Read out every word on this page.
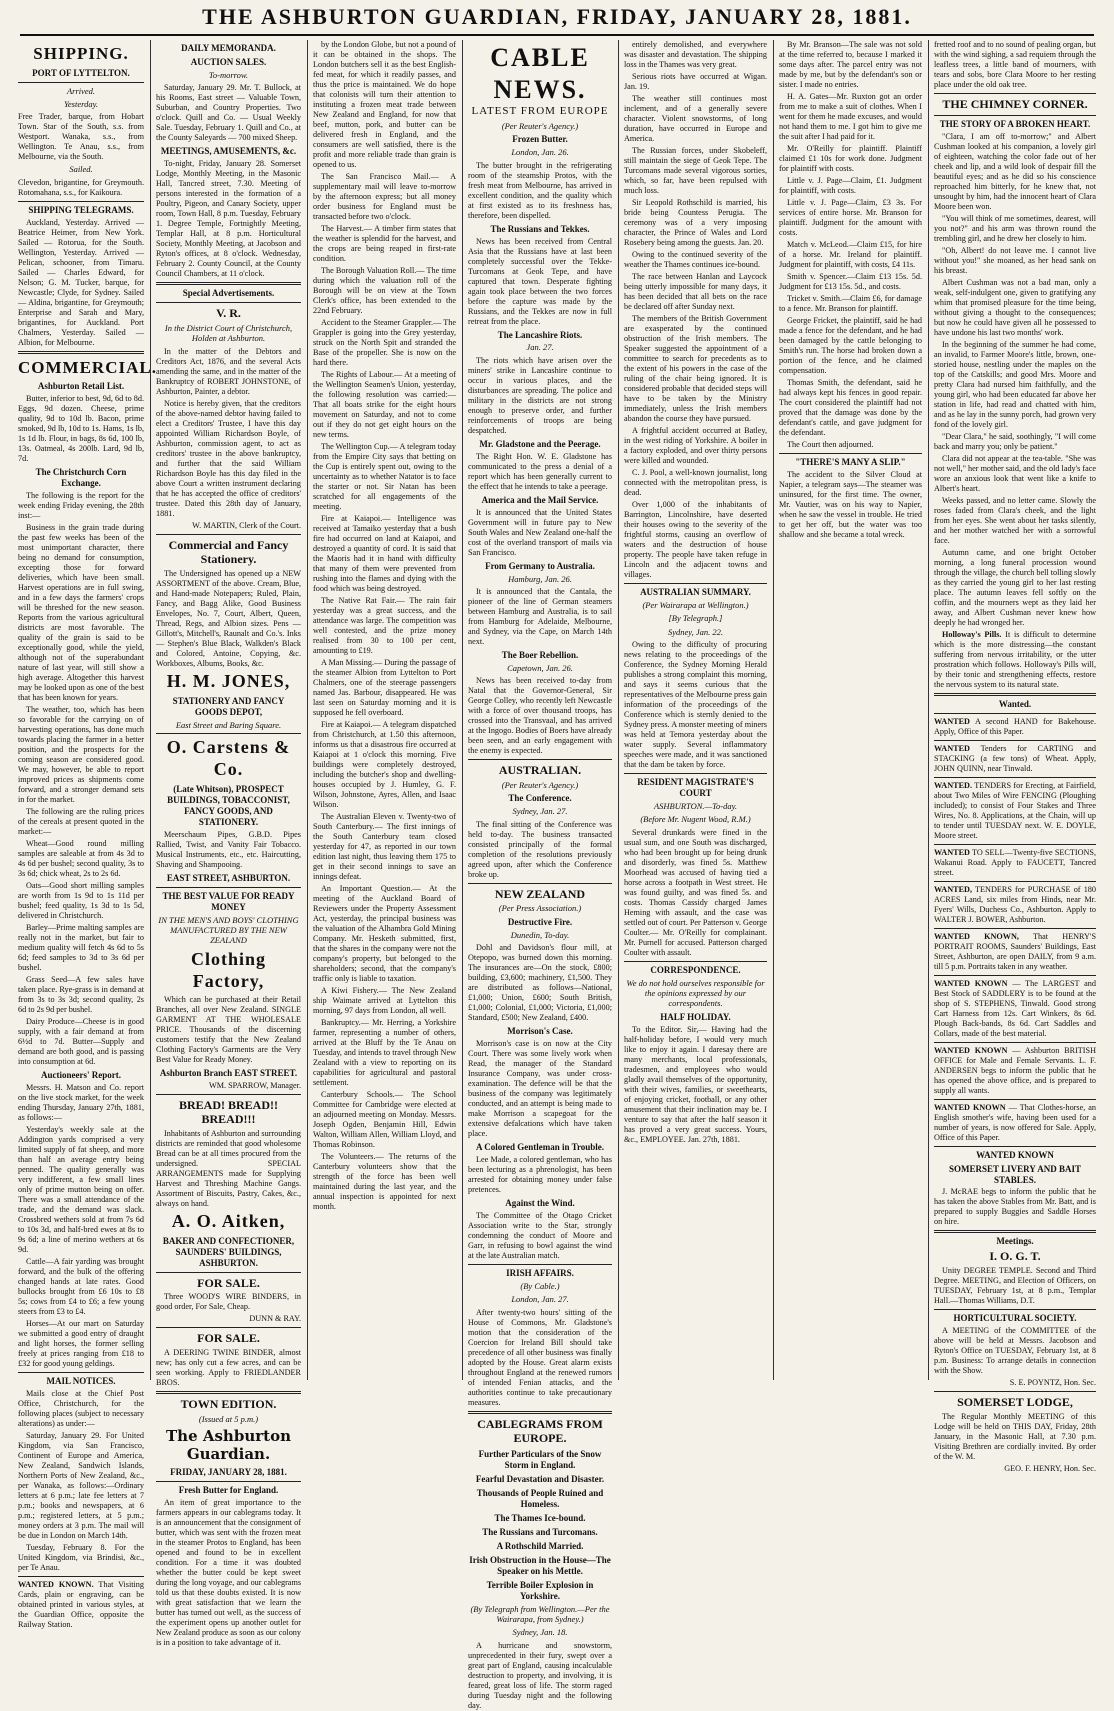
THE ASHBURTON GUARDIAN, FRIDAY, JANUARY 28, 1881.
SHIPPING.
PORT OF LYTTELTON.
Arrived.
Yesterday.

Free Trader, barque, from Hobart Town. Star of the South, s.s. from Westport. Wanaka, s.s., from Wellington. Te Anau, s.s., from Melbourne, via the South.

Sailed.

Clevedon, brigantine, for Greymouth. Rotomahana, s.s., for Kaikoura.

SHIPPING TELEGRAMS.

Auckland, Yesterday. Arrived — Beatrice Heimer, from New York. Sailed — Rotorua, for the South. Wellington, Yesterday. Arrived — Pelican, schooner, from Timaru. Sailed — Charles Edward, for Nelson; G. M. Tucker, barque, for Newcastle; Clyde, for Sydney. Sailed — Aldina, brigantine, for Greymouth; Enterprise and Sarah and Mary, brigantines, for Auckland. Port Chalmers, Yesterday. Sailed — Albion, for Melbourne.

COMMERCIAL.
Ashburton Retail List.

Butter, inferior to best, 9d, 6d to 8d. Eggs, 9d dozen. Cheese, prime quality, 9d to 10d lb. Bacon, prime smoked, 9d lb, 10d to 1s. Hams, 1s lb, 1s 1d lb. Flour, in bags, 8s 6d, 100 lb, 13s. Oatmeal, 4s 200lb. Lard, 9d lb, 7d.

The Christchurch Corn Exchange.

The following is the report for the week ending Friday evening, the 28th inst:—

Business in the grain trade during the past few weeks has been of the most unimportant character, there being no demand for consumption, excepting those for forward deliveries, which have been small. Harvest operations are in full swing, and in a few days the farmers' crops will be threshed for the new season. Reports from the various agricultural districts are most favorable. The quality of the grain is said to be exceptionally good, while the yield, although not of the superabundant nature of last year, will still show a high average. Altogether this harvest may be looked upon as one of the best that has been known for years.

The weather, too, which has been so favorable for the carrying on of harvesting operations, has done much towards placing the farmer in a better position, and the prospects for the coming season are considered good. We may, however, be able to report improved prices as shipments come forward, and a stronger demand sets in for the market.

The following are the ruling prices of the cereals at present quoted in the market:—

Wheat—Good round milling samples are saleable at from 4s 3d to 4s 6d per bushel; second quality, 3s to 3s 6d; chick wheat, 2s to 2s 6d.

Oats—Good short milling samples are worth from 1s 9d to 1s 11d per bushel; feed quality, 1s 3d to 1s 5d, delivered in Christchurch.

Barley—Prime malting samples are really not in the market, but fair to medium quality will fetch 4s 6d to 5s 6d; feed samples to 3d to 3s 6d per bushel.

Grass Seed—A few sales have taken place. Rye-grass is in demand at from 3s to 3s 3d; second quality, 2s 6d to 2s 9d per bushel.

Dairy Produce—Cheese is in good supply, with a fair demand at from 6½d to 7d. Butter—Supply and demand are both good, and is passing into consumption at 6d.

Auctioneers' Report.

Messrs. H. Matson and Co. report on the live stock market, for the week ending Thursday, January 27th, 1881, as follows:—

Yesterday's weekly sale at the Addington yards comprised a very limited supply of fat sheep, and more than half an average entry being penned. The quality generally was very indifferent, a few small lines only of prime mutton being on offer. There was a small attendance of the trade, and the demand was slack. Crossbred wethers sold at from 7s 6d to 10s 3d, and half-bred ewes at 8s to 9s 6d; a line of merino wethers at 6s 9d.

Cattle—A fair yarding was brought forward, and the bulk of the offering changed hands at late rates. Good bullocks brought from £6 10s to £8 5s; cows from £4 to £6; a few young steers from £3 to £4.

Horses—At our mart on Saturday we submitted a good entry of draught and light horses, the former selling freely at prices ranging from £18 to £32 for good young geldings.

MAIL NOTICES.

Mails close at the Chief Post Office, Christchurch, for the following places (subject to necessary alterations) as under:—

Saturday, January 29. For United Kingdom, via San Francisco, Continent of Europe and America, New Zealand, Sandwich Islands, Northern Ports of New Zealand, &c., per Wanaka, as follows:—Ordinary letters at 6 p.m.; late fee letters at 7 p.m.; books and newspapers, at 6 p.m.; registered letters, at 5 p.m.; money orders at 3 p.m. The mail will be due in London on March 14th.

Tuesday, February 8. For the United Kingdom, via Brindisi, &c., per Te Anau.

WANTED KNOWN. That Visiting Cards, plain or engraving, can be obtained printed in various styles, at the Guardian Office, opposite the Railway Station.

DAILY MEMORANDA.
AUCTION SALES.
To-morrow.

Saturday, January 29. Mr. T. Bullock, at his Rooms, East street — Valuable Town, Suburban, and Country Properties. Two o'clock. Quill and Co. — Usual Weekly Sale. Tuesday, February 1. Quill and Co., at the County Saleyards — 700 mixed Sheep.

MEETINGS, AMUSEMENTS, &c.

To-night, Friday, January 28. Somerset Lodge, Monthly Meeting, in the Masonic Hall, Tancred street, 7.30. Meeting of persons interested in the formation of a Poultry, Pigeon, and Canary Society, upper room, Town Hall, 8 p.m. Tuesday, February 1. Degree Temple, Fortnightly Meeting, Templar Hall, at 8 p.m. Horticultural Society, Monthly Meeting, at Jacobson and Ryton's offices, at 8 o'clock. Wednesday, February 2. County Council, at the County Council Chambers, at 11 o'clock.

Special Advertisements.
V. R.
In the District Court of Christchurch, Holden at Ashburton.

In the matter of the Debtors and Creditors Act, 1876, and the several Acts amending the same, and in the matter of the Bankruptcy of ROBERT JOHNSTONE, of Ashburton, Painter, a debtor.

Notice is hereby given, that the creditors of the above-named debtor having failed to elect a Creditors' Trustee, I have this day appointed William Richardson Boyle, of Ashburton, commission agent, to act as creditors' trustee in the above bankruptcy, and further that the said William Richardson Boyle has this day filed in the above Court a written instrument declaring that he has accepted the office of creditors' trustee. Dated this 28th day of January, 1881.

W. MARTIN, Clerk of the Court.

Commercial and Fancy Stationery.

The Undersigned has opened up a NEW ASSORTMENT of the above. Cream, Blue, and Hand-made Notepapers; Ruled, Plain, Fancy, and Bagg Alike, Good Business Envelopes, No. 7, Court, Albert, Queen, Thread, Regs, and Albion sizes. Pens — Gillott's, Mitchell's, Raunalt and Co.'s. Inks — Stephen's Blue Black, Walkden's Black and Colored, Antoine, Copying, &c. Workboxes, Albums, Books, &c.

H. M. JONES,
STATIONERY AND FANCY GOODS DEPOT,
East Street and Baring Square.
O. Carstens & Co.
(Late Whitson), PROSPECT BUILDINGS, TOBACCONIST, FANCY GOODS, AND STATIONERY.

Meerschaum Pipes, G.B.D. Pipes Rallied, Twist, and Vanity Fair Tobacco. Musical Instruments, etc., etc. Haircutting, Shaving and Shampooing.

EAST STREET, ASHBURTON.
THE BEST VALUE FOR READY MONEY
IN THE MEN'S AND BOYS' CLOTHING MANUFACTURED BY THE NEW ZEALAND
Clothing Factory,

Which can be purchased at their Retail Branches, all over New Zealand. SINGLE GARMENT AT THE WHOLESALE PRICE. Thousands of the discerning customers testify that the New Zealand Clothing Factory's Garments are the Very Best Value for Ready Money.

Ashburton Branch EAST STREET.

WM. SPARROW, Manager.

BREAD! BREAD!! BREAD!!!

Inhabitants of Ashburton and surrounding districts are reminded that good wholesome Bread can be at all times procured from the undersigned. SPECIAL ARRANGEMENTS made for Supplying Harvest and Threshing Machine Gangs. Assortment of Biscuits, Pastry, Cakes, &c., always on hand.

A. O. Aitken,
BAKER AND CONFECTIONER, SAUNDERS' BUILDINGS, ASHBURTON.
FOR SALE.

Three WOOD'S WIRE BINDERS, in good order, For Sale, Cheap.

DUNN & RAY.

FOR SALE.

A DEERING TWINE BINDER, almost new; has only cut a few acres, and can be seen working. Apply to FRIEDLANDER BROS.

TOWN EDITION.
(Issued at 5 p.m.)
The Ashburton Guardian.
FRIDAY, JANUARY 28, 1881.
Fresh Butter for England.

An item of great importance to the farmers appears in our cablegrams today. It is an announcement that the consignment of butter, which was sent with the frozen meat in the steamer Protos to England, has been opened and found to be in excellent condition. For a time it was doubted whether the butter could be kept sweet during the long voyage, and our cablegrams told us that these doubts existed. It is now with great satisfaction that we learn the butter has turned out well, as the success of the experiment opens up another outlet for New Zealand produce as soon as our colony is in a position to take advantage of it.

by the London Globe, but not a pound of it can be obtained in the shops. The London butchers sell it as the best English-fed meat, for which it readily passes, and thus the price is maintained. We do hope that colonists will turn their attention to instituting a frozen meat trade between New Zealand and England, for now that beef, mutton, pork, and butter can be delivered fresh in England, and the consumers are well satisfied, there is the profit and more reliable trade than grain is opened to us.

The San Francisco Mail.— A supplementary mail will leave to-morrow by the afternoon express; but all money order business for England must be transacted before two o'clock.

The Harvest.— A timber firm states that the weather is splendid for the harvest, and the crops are being reaped in first-rate condition.

The Borough Valuation Roll.— The time during which the valuation roll of the Borough will be on view at the Town Clerk's office, has been extended to the 22nd February.

Accident to the Steamer Grappler.— The Grappler is going into the Grey yesterday, struck on the North Spit and stranded the Base of the propeller. She is now on the hard there.

The Rights of Labour.— At a meeting of the Wellington Seamen's Union, yesterday, the following resolution was carried:— That all boats strike for the eight hours movement on Saturday, and not to come out if they do not get eight hours on the new terms.

The Wellington Cup.— A telegram today from the Empire City says that betting on the Cup is entirely spent out, owing to the uncertainty as to whether Natator is to face the starter or not. Sir Natan has been scratched for all engagements of the meeting.

Fire at Kaiapoi.— Intelligence was received at Tamaiko yesterday that a bush fire had occurred on land at Kaiapoi, and destroyed a quantity of cord. It is said that the Maoris had it in hand with difficulty that many of them were prevented from rushing into the flames and dying with the food which was being destroyed.

The Native Rat Fair.— The rain fair yesterday was a great success, and the attendance was large. The competition was well contested, and the prize money realised from 30 to 100 per cent, amounting to £19.

A Man Missing.— During the passage of the steamer Albion from Lyttelton to Port Chalmers, one of the steerage passengers named Jas. Barbour, disappeared. He was last seen on Saturday morning and it is supposed he fell overboard.

Fire at Kaiapoi.— A telegram dispatched from Christchurch, at 1.50 this afternoon, informs us that a disastrous fire occurred at Kaiapoi at 1 o'clock this morning. Five buildings were completely destroyed, including the butcher's shop and dwelling-houses occupied by J. Humley, G. F. Wilson, Johnstone, Ayres, Allen, and Isaac Wilson.

The Australian Eleven v. Twenty-two of South Canterbury.— The first innings of the South Canterbury team closed yesterday for 47, as reported in our town edition last night, thus leaving them 175 to get in their second innings to save an innings defeat.

An Important Question.— At the meeting of the Auckland Board of Reviewers under the Property Assessment Act, yesterday, the principal business was the valuation of the Alhambra Gold Mining Company. Mr. Hesketh submitted, first, that the shares in the company were not the company's property, but belonged to the shareholders; second, that the company's traffic only is liable to taxation.

A Kiwi Fishery.— The New Zealand ship Waimate arrived at Lyttelton this morning, 97 days from London, all well.

Bankruptcy.— Mr. Herring, a Yorkshire farmer, representing a number of others, arrived at the Bluff by the Te Anau on Tuesday, and intends to travel through New Zealand with a view to reporting on its capabilities for agricultural and pastoral settlement.

Canterbury Schools.— The School Committee for Cambridge were elected at an adjourned meeting on Monday. Messrs. Joseph Ogden, Benjamin Hill, Edwin Walton, William Allen, William Lloyd, and Thomas Robinson.

The Volunteers.— The returns of the Canterbury volunteers show that the strength of the force has been well maintained during the last year, and the annual inspection is appointed for next month.

CABLE NEWS.
LATEST FROM EUROPE
(Per Reuter's Agency.)
Frozen Butter.
London, Jan. 26.

The butter brought in the refrigerating room of the steamship Protos, with the fresh meat from Melbourne, has arrived in excellent condition, and the quality which at first existed as to its freshness has, therefore, been dispelled.

The Russians and Tekkes.

News has been received from Central Asia that the Russians have at last been completely successful over the Tekke-Turcomans at Geok Tepe, and have captured that town. Desperate fighting again took place between the two forces before the capture was made by the Russians, and the Tekkes are now in full retreat from the place.

The Lancashire Riots.
Jan. 27.

The riots which have arisen over the miners' strike in Lancashire continue to occur in various places, and the disturbances are spreading. The police and military in the districts are not strong enough to preserve order, and further reinforcements of troops are being despatched.

Mr. Gladstone and the Peerage.

The Right Hon. W. E. Gladstone has communicated to the press a denial of a report which has been generally current to the effect that he intends to take a peerage.

America and the Mail Service.

It is announced that the United States Government will in future pay to New South Wales and New Zealand one-half the cost of the overland transport of mails via San Francisco.

From Germany to Australia.
Hamburg, Jan. 26.

It is announced that the Cantala, the pioneer of the line of German steamers between Hamburg and Australia, is to sail from Hamburg for Adelaide, Melbourne, and Sydney, via the Cape, on March 14th next.

The Boer Rebellion.
Capetown, Jan. 26.

News has been received to-day from Natal that the Governor-General, Sir George Colley, who recently left Newcastle with a force of over thousand troops, has crossed into the Transvaal, and has arrived at the Ingogo. Bodies of Boers have already been seen, and an early engagement with the enemy is expected.

AUSTRALIAN.
(Per Reuter's Agency.)
The Conference.
Sydney, Jan. 27.

The final sitting of the Conference was held to-day. The business transacted consisted principally of the formal completion of the resolutions previously agreed upon, after which the Conference broke up.

NEW ZEALAND
(Per Press Association.)
Destructive Fire.
Dunedin, To-day.

Dohl and Davidson's flour mill, at Otepopo, was burned down this morning. The insurances are—On the stock, £800; building, £3,600; machinery, £1,500. They are distributed as follows—National, £1,000; Union, £600; South British, £1,000; Colonial, £1,000; Victoria, £1,000; Standard, £500; New Zealand, £400.

Morrison's Case.

Morrison's case is on now at the City Court. There was some lively work when Read, the manager of the Standard Insurance Company, was under cross-examination. The defence will be that the business of the company was legitimately conducted, and an attempt is being made to make Morrison a scapegoat for the extensive defalcations which have taken place.

A Colored Gentleman in Trouble.

Lee Made, a colored gentleman, who has been lecturing as a phrenologist, has been arrested for obtaining money under false pretences.

Against the Wind.

The Committee of the Otago Cricket Association write to the Star, strongly condemning the conduct of Moore and Garr, in refusing to bowl against the wind at the late Australian match.

IRISH AFFAIRS.
(By Cable.)
London, Jan. 27.

After twenty-two hours' sitting of the House of Commons, Mr. Gladstone's motion that the consideration of the Coercion for Ireland Bill should take precedence of all other business was finally adopted by the House. Great alarm exists throughout England at the renewed rumors of intended Fenian attacks, and the authorities continue to take precautionary measures.

CABLEGRAMS FROM EUROPE.
Further Particulars of the Snow Storm in England.
Fearful Devastation and Disaster.
Thousands of People Ruined and Homeless.
The Thames Ice-bound.
The Russians and Turcomans.
A Rothschild Married.
Irish Obstruction in the House—The Speaker on his Mettle.
Terrible Boiler Explosion in Yorkshire.
(By Telegraph from Wellington.—Per the Wairarapa, from Sydney.)
Sydney, Jan. 18.

A hurricane and snowstorm, unprecedented in their fury, swept over a great part of England, causing incalculable destruction to property, and involving, it is feared, great loss of life. The storm raged during Tuesday night and the following day.

entirely demolished, and everywhere was disaster and devastation. The shipping loss in the Thames was very great.

Serious riots have occurred at Wigan. Jan. 19.

The weather still continues most inclement, and of a generally severe character. Violent snowstorms, of long duration, have occurred in Europe and America.

The Russian forces, under Skobeleff, still maintain the siege of Geok Tepe. The Turcomans made several vigorous sorties, which, so far, have been repulsed with much loss.

Sir Leopold Rothschild is married, his bride being Countess Perugia. The ceremony was of a very imposing character, the Prince of Wales and Lord Rosebery being among the guests. Jan. 20.

Owing to the continued severity of the weather the Thames continues ice-bound.

The race between Hanlan and Laycock being utterly impossible for many days, it has been decided that all bets on the race be declared off after Sunday next.

The members of the British Government are exasperated by the continued obstruction of the Irish members. The Speaker suggested the appointment of a committee to search for precedents as to the extent of his powers in the case of the ruling of the chair being ignored. It is considered probable that decided steps will have to be taken by the Ministry immediately, unless the Irish members abandon the course they have pursued.

A frightful accident occurred at Batley, in the west riding of Yorkshire. A boiler in a factory exploded, and over thirty persons were killed and wounded.

C. J. Pool, a well-known journalist, long connected with the metropolitan press, is dead.

Over 1,000 of the inhabitants of Barrington, Lincolnshire, have deserted their houses owing to the severity of the frightful storms, causing an overflow of waters and the destruction of house property. The people have taken refuge in Lincoln and the adjacent towns and villages.

AUSTRALIAN SUMMARY.
(Per Wairarapa at Wellington.)
[By Telegraph.]
Sydney, Jan. 22.

Owing to the difficulty of procuring news relating to the proceedings of the Conference, the Sydney Morning Herald publishes a strong complaint this morning, and says it seems curious that the representatives of the Melbourne press gain information of the proceedings of the Conference which is sternly denied to the Sydney press. A monster meeting of miners was held at Temora yesterday about the water supply. Several inflammatory speeches were made, and it was sanctioned that the dam be taken by force.

RESIDENT MAGISTRATE'S COURT
ASHBURTON.—To-day.
(Before Mr. Nugent Wood, R.M.)

Several drunkards were fined in the usual sum, and one South was discharged, who had been brought up for being drunk and disorderly, was fined 5s. Matthew Moorhead was accused of having tied a horse across a footpath in West street. He was found guilty, and was fined 5s. and costs. Thomas Cassidy charged James Heming with assault, and the case was settled out of court. Per Patterson v. George Coulter.— Mr. O'Reilly for complainant. Mr. Purnell for accused. Patterson charged Coulter with assault.

CORRESPONDENCE.
We do not hold ourselves responsible for the opinions expressed by our correspondents.
HALF HOLIDAY.

To the Editor. Sir,— Having had the half-holiday before, I would very much like to enjoy it again. I daresay there are many merchants, local professionals, tradesmen, and employees who would gladly avail themselves of the opportunity, with their wives, families, or sweethearts, of enjoying cricket, football, or any other amusement that their inclination may be. I venture to say that after the half season it has proved a very great success. Yours, &c., EMPLOYEE. Jan. 27th, 1881.

By Mr. Branson—The sale was not sold at the time referred to, because I marked it some days after. The parcel entry was not made by me, but by the defendant's son or sister. I made no entries.

H. A. Gates—Mr. Ruxton got an order from me to make a suit of clothes. When I went for them he made excuses, and would not hand them to me. I got him to give me the suit after I had paid for it.

Mr. O'Reilly for plaintiff. Plaintiff claimed £1 10s for work done. Judgment for plaintiff with costs.

Little v. J. Page—Claim, £1. Judgment for plaintiff, with costs.

Little v. J. Page—Claim, £3 3s. For services of entire horse. Mr. Branson for plaintiff. Judgment for the amount with costs.

Match v. McLeod.—Claim £15, for hire of a horse. Mr. Ireland for plaintiff. Judgment for plaintiff, with costs, £4 11s.

Smith v. Spencer.—Claim £13 15s. 5d. Judgment for £13 15s. 5d., and costs.

Tricket v. Smith.—Claim £6, for damage to a fence. Mr. Branson for plaintiff.

George Fricket, the plaintiff, said he had made a fence for the defendant, and he had been damaged by the cattle belonging to Smith's run. The horse had broken down a portion of the fence, and he claimed compensation.

Thomas Smith, the defendant, said he had always kept his fences in good repair. The court considered the plaintiff had not proved that the damage was done by the defendant's cattle, and gave judgment for the defendant.

The Court then adjourned.

"THERE'S MANY A SLIP."

The accident to the Silver Cloud at Napier, a telegram says—The steamer was uninsured, for the first time. The owner, Mr. Vautier, was on his way to Napier, when he saw the vessel in trouble. He tried to get her off, but the water was too shallow and she became a total wreck.

fretted roof and to no sound of pealing organ, but with the wind sighing, a sad requiem through the leafless trees, a little band of mourners, with tears and sobs, bore Clara Moore to her resting place under the old oak tree.

THE CHIMNEY CORNER.
THE STORY OF A BROKEN HEART.

"Clara, I am off to-morrow;" and Albert Cushman looked at his companion, a lovely girl of eighteen, watching the color fade out of her cheek and lip, and a wild look of despair fill the beautiful eyes; and as he did so his conscience reproached him bitterly, for he knew that, not unsought by him, had the innocent heart of Clara Moore been won.

"You will think of me sometimes, dearest, will you not?" and his arm was thrown round the trembling girl, and he drew her closely to him.

"Oh, Albert! do not leave me. I cannot live without you!" she moaned, as her head sank on his breast.

Albert Cushman was not a bad man, only a weak, self-indulgent one, given to gratifying any whim that promised pleasure for the time being, without giving a thought to the consequences; but now he could have given all he possessed to have undone his last two months' work.

In the beginning of the summer he had come, an invalid, to Farmer Moore's little, brown, one-storied house, nestling under the maples on the top of the Catskills; and good Mrs. Moore and pretty Clara had nursed him faithfully, and the young girl, who had been educated far above her station in life, had read and chatted with him, and as he lay in the sunny porch, had grown very fond of the lovely girl.

"Dear Clara," he said, soothingly, "I will come back and marry you; only be patient."

Clara did not appear at the tea-table. "She was not well," her mother said, and the old lady's face wore an anxious look that went like a knife to Albert's heart.

Weeks passed, and no letter came. Slowly the roses faded from Clara's cheek, and the light from her eyes. She went about her tasks silently, and her mother watched her with a sorrowful face.

Autumn came, and one bright October morning, a long funeral procession wound through the village, the church bell tolling slowly as they carried the young girl to her last resting place. The autumn leaves fell softly on the coffin, and the mourners wept as they laid her away, and Albert Cushman never knew how deeply he had wronged her.

Holloway's Pills. It is difficult to determine which is the more distressing—the constant suffering from nervous irritability, or the utter prostration which follows. Holloway's Pills will, by their tonic and strengthening effects, restore the nervous system to its natural state.

Wanted.

WANTED A second HAND for Bakehouse. Apply, Office of this Paper.

WANTED Tenders for CARTING and STACKING (a few tons) of Wheat. Apply, JOHN QUINN, near Tinwald.

WANTED. TENDERS for Erecting, at Fairfield, about Two Miles of Wire FENCING (Ploughing included); to consist of Four Stakes and Three Wires, No. 8. Applications, at the Chain, will up to tender until TUESDAY next. W. E. DOYLE, Moore street.

WANTED TO SELL—Twenty-five SECTIONS, Wakanui Road. Apply to FAUCETT, Tancred street.

WANTED, TENDERS for PURCHASE of 180 ACRES Land, six miles from Hinds, near Mr. Fyers' Wills, Duchess Co., Ashburton. Apply to WALTER J. BOWER, Ashburton.

WANTED KNOWN, That HENRY'S PORTRAIT ROOMS, Saunders' Buildings, East Street, Ashburton, are open DAILY, from 9 a.m. till 5 p.m. Portraits taken in any weather.

WANTED KNOWN — The LARGEST and Best Stock of SADDLERY is to be found at the shop of S. STEPHENS, Tinwald. Good strong Cart Harness from 12s. Cart Winkers, 8s 6d. Plough Back-bands, 8s 6d. Cart Saddles and Collars, made of the best material.

WANTED KNOWN — Ashburton BRITISH OFFICE for Male and Female Servants. L. F. ANDERSEN begs to inform the public that he has opened the above office, and is prepared to supply all wants.

WANTED KNOWN — That Clothes-horse, an English smother's wife, having been used for a number of years, is now offered for Sale. Apply, Office of this Paper.

WANTED KNOWN
SOMERSET LIVERY AND BAIT STABLES.

J. McRAE begs to inform the public that he has taken the above Stables from Mr. Batt, and is prepared to supply Buggies and Saddle Horses on hire.

Meetings.
I. O. G. T.

Unity DEGREE TEMPLE. Second and Third Degree. MEETING, and Election of Officers, on TUESDAY, February 1st, at 8 p.m., Templar Hall.—Thomas Williams, D.T.

HORTICULTURAL SOCIETY.

A MEETING of the COMMITTEE of the above will be held at Messrs. Jacobson and Ryton's Office on TUESDAY, February 1st, at 8 p.m. Business: To arrange details in connection with the Show.

S. E. POYNTZ, Hon. Sec.

SOMERSET LODGE,

The Regular Monthly MEETING of this Lodge will be held on THIS DAY, Friday, 28th January, in the Masonic Hall, at 7.30 p.m. Visiting Brethren are cordially invited. By order of the W. M.

GEO. F. HENRY, Hon. Sec.
